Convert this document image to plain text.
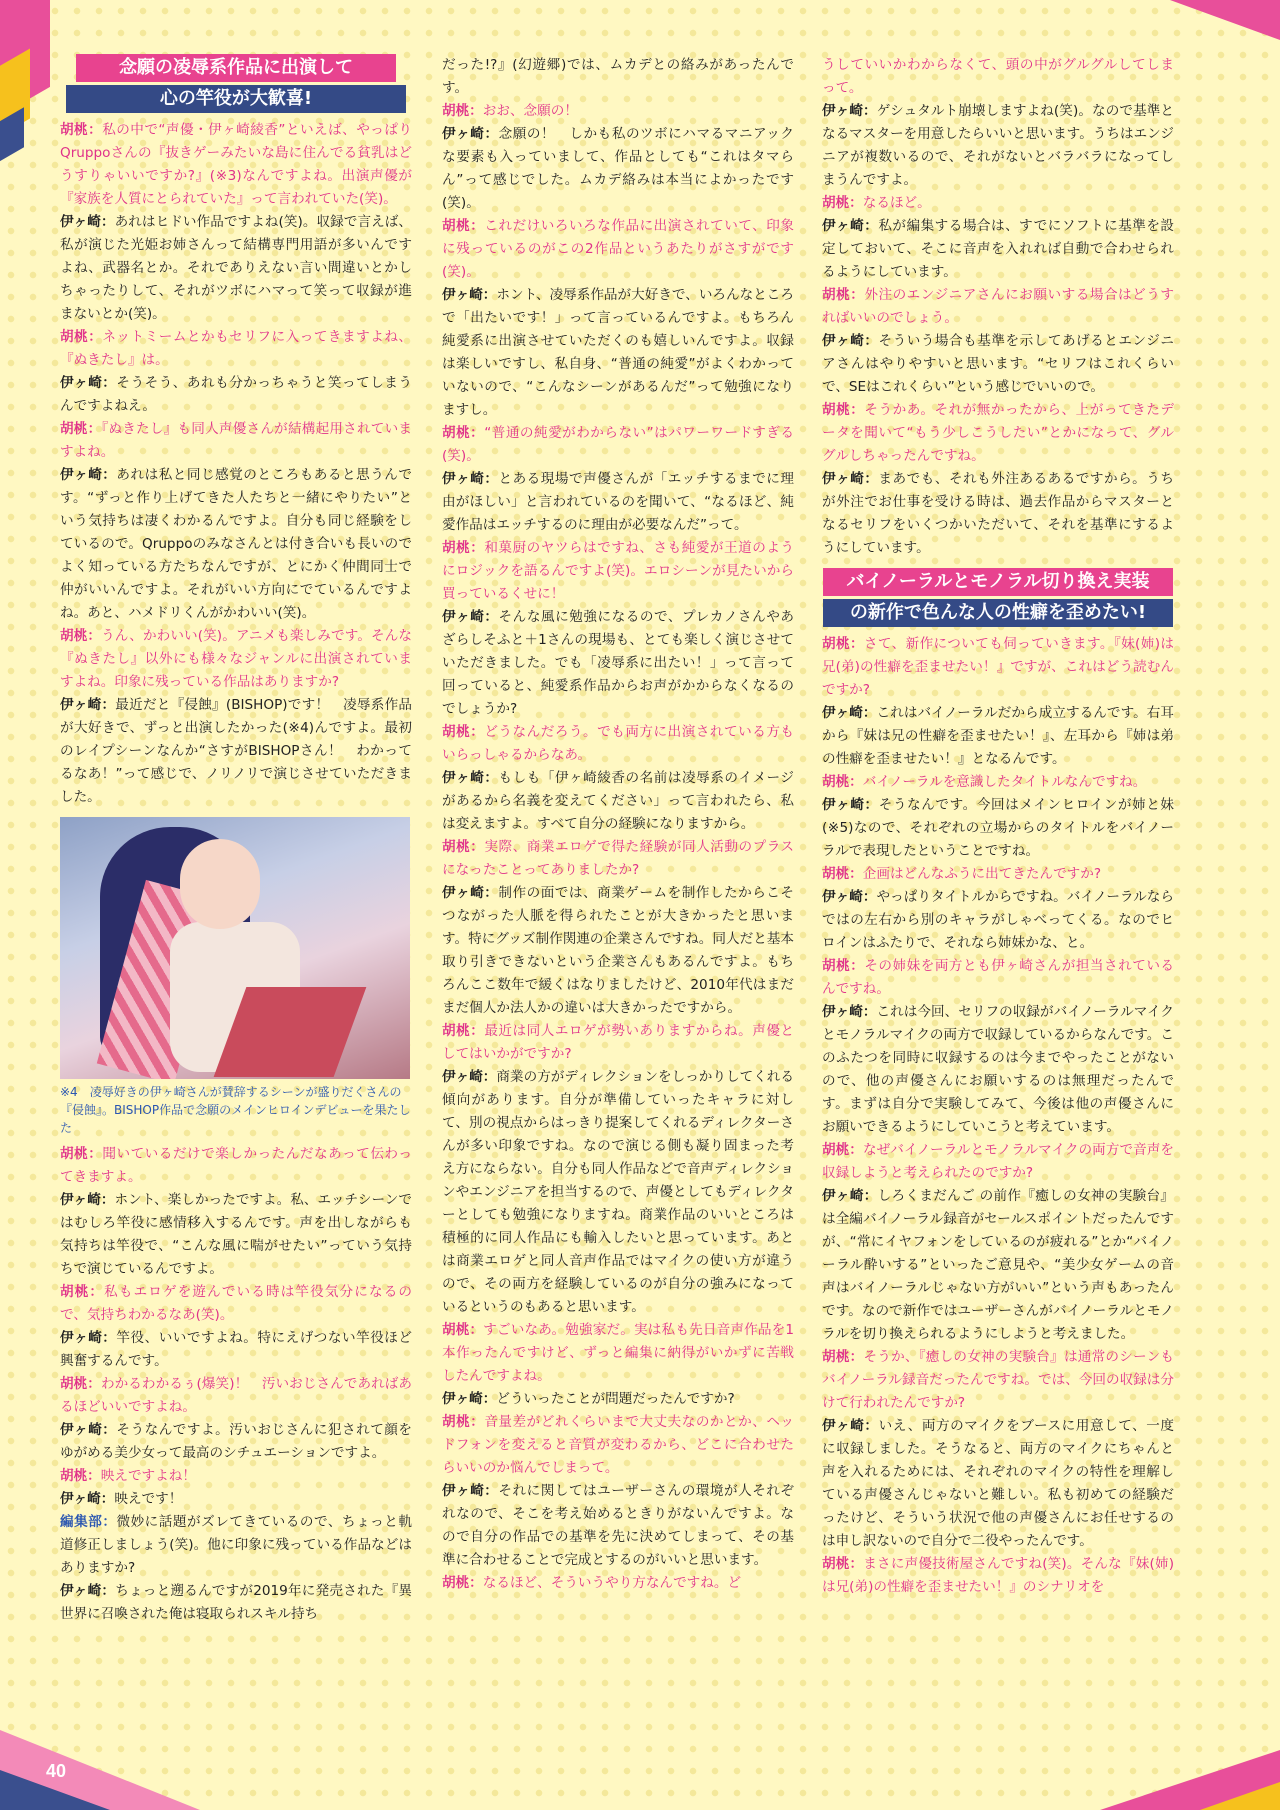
念願の凌辱系作品に出演して
心の竿役が大歓喜!

胡桃：私の中で“声優・伊ヶ崎綾香”といえば、やっぱりQruppoさんの『抜きゲーみたいな島に住んでる貧乳はどうすりゃいいですか?』(※3)なんですよね。出演声優が『家族を人質にとられていた』って言われていた(笑)。

伊ヶ崎：あれはヒドい作品ですよね(笑)。収録で言えば、私が演じた光姫お姉さんって結構専門用語が多いんですよね、武器名とか。それでありえない言い間違いとかしちゃったりして、それがツボにハマって笑って収録が進まないとか(笑)。

胡桃：ネットミームとかもセリフに入ってきますよね、『ぬきたし』は。

伊ヶ崎：そうそう、あれも分かっちゃうと笑ってしまうんですよねえ。

胡桃：『ぬきたし』も同人声優さんが結構起用されていますよね。

伊ヶ崎：あれは私と同じ感覚のところもあると思うんです。“ずっと作り上げてきた人たちと一緒にやりたい”という気持ちは凄くわかるんですよ。自分も同じ経験をしているので。Qruppoのみなさんとは付き合いも長いのでよく知っている方たちなんですが、とにかく仲間同士で仲がいいんですよ。それがいい方向にでているんですよね。あと、ハメドリくんがかわいい(笑)。

胡桃：うん、かわいい(笑)。アニメも楽しみです。そんな『ぬきたし』以外にも様々なジャンルに出演されていますよね。印象に残っている作品はありますか?

伊ヶ崎：最近だと『侵蝕』(BISHOP)です！　凌辱系作品が大好きで、ずっと出演したかった(※4)んですよ。最初のレイプシーンなんか“さすがBISHOPさん！　わかってるなあ！”って感じで、ノリノリで演じさせていただきました。

※4　凌辱好きの伊ヶ崎さんが賛辞するシーンが盛りだくさんの『侵蝕』。BISHOP作品で念願のメインヒロインデビューを果たした

胡桃：聞いているだけで楽しかったんだなあって伝わってきますよ。

伊ヶ崎：ホント、楽しかったですよ。私、エッチシーンではむしろ竿役に感情移入するんです。声を出しながらも気持ちは竿役で、“こんな風に喘がせたい”っていう気持ちで演じているんですよ。

胡桃：私もエロゲを遊んでいる時は竿役気分になるので、気持ちわかるなあ(笑)。

伊ヶ崎：竿役、いいですよね。特にえげつない竿役ほど興奮するんです。

胡桃：わかるわかるぅ(爆笑)！　汚いおじさんであればあるほどいいですよね。

伊ヶ崎：そうなんですよ。汚いおじさんに犯されて顔をゆがめる美少女って最高のシチュエーションですよ。

胡桃：映えですよね！

伊ヶ崎：映えです！

編集部：微妙に話題がズレてきているので、ちょっと軌道修正しましょう(笑)。他に印象に残っている作品などはありますか?

伊ヶ崎：ちょっと遡るんですが2019年に発売された『異世界に召喚された俺は寝取られスキル持ち

だった!?』(幻遊郷)では、ムカデとの絡みがあったんです。

胡桃：おお、念願の！

伊ヶ崎：念願の！　しかも私のツボにハマるマニアックな要素も入っていまして、作品としても“これはタマらん”って感じでした。ムカデ絡みは本当によかったです(笑)。

胡桃：これだけいろいろな作品に出演されていて、印象に残っているのがこの2作品というあたりがさすがです(笑)。

伊ヶ崎：ホント、凌辱系作品が大好きで、いろんなところで「出たいです！」って言っているんですよ。もちろん純愛系に出演させていただくのも嬉しいんですよ。収録は楽しいですし、私自身、“普通の純愛”がよくわかっていないので、“こんなシーンがあるんだ”って勉強になりますし。

胡桃：“普通の純愛がわからない”はパワーワードすぎる(笑)。

伊ヶ崎：とある現場で声優さんが「エッチするまでに理由がほしい」と言われているのを聞いて、“なるほど、純愛作品はエッチするのに理由が必要なんだ”って。

胡桃：和菓厨のヤツらはですね、さも純愛が王道のようにロジックを語るんですよ(笑)。エロシーンが見たいから買っているくせに！

伊ヶ崎：そんな風に勉強になるので、プレカノさんやあざらしそふと＋1さんの現場も、とても楽しく演じさせていただきました。でも「凌辱系に出たい！」って言って回っていると、純愛系作品からお声がかからなくなるのでしょうか?

胡桃：どうなんだろう。でも両方に出演されている方もいらっしゃるからなあ。

伊ヶ崎：もしも「伊ヶ崎綾香の名前は凌辱系のイメージがあるから名義を変えてください」って言われたら、私は変えますよ。すべて自分の経験になりますから。

胡桃：実際、商業エロゲで得た経験が同人活動のプラスになったことってありましたか?

伊ヶ崎：制作の面では、商業ゲームを制作したからこそつながった人脈を得られたことが大きかったと思います。特にグッズ制作関連の企業さんですね。同人だと基本取り引きできないという企業さんもあるんですよ。もちろんここ数年で緩くはなりましたけど、2010年代はまだまだ個人か法人かの違いは大きかったですから。

胡桃：最近は同人エロゲが勢いありますからね。声優としてはいかがですか?

伊ヶ崎：商業の方がディレクションをしっかりしてくれる傾向があります。自分が準備していったキャラに対して、別の視点からはっきり提案してくれるディレクターさんが多い印象ですね。なので演じる側も凝り固まった考え方にならない。自分も同人作品などで音声ディレクションやエンジニアを担当するので、声優としてもディレクターとしても勉強になりますね。商業作品のいいところは積極的に同人作品にも輸入したいと思っています。あとは商業エロゲと同人音声作品ではマイクの使い方が違うので、その両方を経験しているのが自分の強みになっているというのもあると思います。

胡桃：すごいなあ。勉強家だ。実は私も先日音声作品を1本作ったんですけど、ずっと編集に納得がいかずに苦戦したんですよね。

伊ヶ崎：どういったことが問題だったんですか?

胡桃：音量差がどれくらいまで大丈夫なのかとか、ヘッドフォンを変えると音質が変わるから、どこに合わせたらいいのか悩んでしまって。

伊ヶ崎：それに関してはユーザーさんの環境が人それぞれなので、そこを考え始めるときりがないんですよ。なので自分の作品での基準を先に決めてしまって、その基準に合わせることで完成とするのがいいと思います。

胡桃：なるほど、そういうやり方なんですね。ど

うしていいかわからなくて、頭の中がグルグルしてしまって。

伊ヶ崎：ゲシュタルト崩壊しますよね(笑)。なので基準となるマスターを用意したらいいと思います。うちはエンジニアが複数いるので、それがないとバラバラになってしまうんですよ。

胡桃：なるほど。

伊ヶ崎：私が編集する場合は、すでにソフトに基準を設定しておいて、そこに音声を入れれば自動で合わせられるようにしています。

胡桃：外注のエンジニアさんにお願いする場合はどうすればいいのでしょう。

伊ヶ崎：そういう場合も基準を示してあげるとエンジニアさんはやりやすいと思います。“セリフはこれくらいで、SEはこれくらい”という感じでいいので。

胡桃：そうかあ。それが無かったから、上がってきたデータを聞いて“もう少しこうしたい”とかになって、グルグルしちゃったんですね。

伊ヶ崎：まあでも、それも外注あるあるですから。うちが外注でお仕事を受ける時は、過去作品からマスターとなるセリフをいくつかいただいて、それを基準にするようにしています。

バイノーラルとモノラル切り換え実装
の新作で色んな人の性癖を歪めたい!

胡桃：さて、新作についても伺っていきます。『妹(姉)は兄(弟)の性癖を歪ませたい！』ですが、これはどう読むんですか?

伊ヶ崎：これはバイノーラルだから成立するんです。右耳から『妹は兄の性癖を歪ませたい！』、左耳から『姉は弟の性癖を歪ませたい！』となるんです。

胡桃：バイノーラルを意識したタイトルなんですね。

伊ヶ崎：そうなんです。今回はメインヒロインが姉と妹(※5)なので、それぞれの立場からのタイトルをバイノーラルで表現したということですね。

胡桃：企画はどんなふうに出てきたんですか?

伊ヶ崎：やっぱりタイトルからですね。バイノーラルならではの左右から別のキャラがしゃべってくる。なのでヒロインはふたりで、それなら姉妹かな、と。

胡桃：その姉妹を両方とも伊ヶ崎さんが担当されているんですね。

伊ヶ崎：これは今回、セリフの収録がバイノーラルマイクとモノラルマイクの両方で収録しているからなんです。このふたつを同時に収録するのは今までやったことがないので、他の声優さんにお願いするのは無理だったんです。まずは自分で実験してみて、今後は他の声優さんにお願いできるようにしていこうと考えています。

胡桃：なぜバイノーラルとモノラルマイクの両方で音声を収録しようと考えられたのですか?

伊ヶ崎：しろくまだんご の前作『癒しの女神の実験台』は全編バイノーラル録音がセールスポイントだったんですが、“常にイヤフォンをしているのが疲れる”とか“バイノーラル酔いする”といったご意見や、“美少女ゲームの音声はバイノーラルじゃない方がいい”という声もあったんです。なので新作ではユーザーさんがバイノーラルとモノラルを切り換えられるようにしようと考えました。

胡桃：そうか、『癒しの女神の実験台』は通常のシーンもバイノーラル録音だったんですね。では、今回の収録は分けて行われたんですか?

伊ヶ崎：いえ、両方のマイクをブースに用意して、一度に収録しました。そうなると、両方のマイクにちゃんと声を入れるためには、それぞれのマイクの特性を理解している声優さんじゃないと難しい。私も初めての経験だったけど、そういう状況で他の声優さんにお任せするのは申し訳ないので自分で二役やったんです。

胡桃：まさに声優技術屋さんですね(笑)。そんな『妹(姉)は兄(弟)の性癖を歪ませたい！』のシナリオを

40
